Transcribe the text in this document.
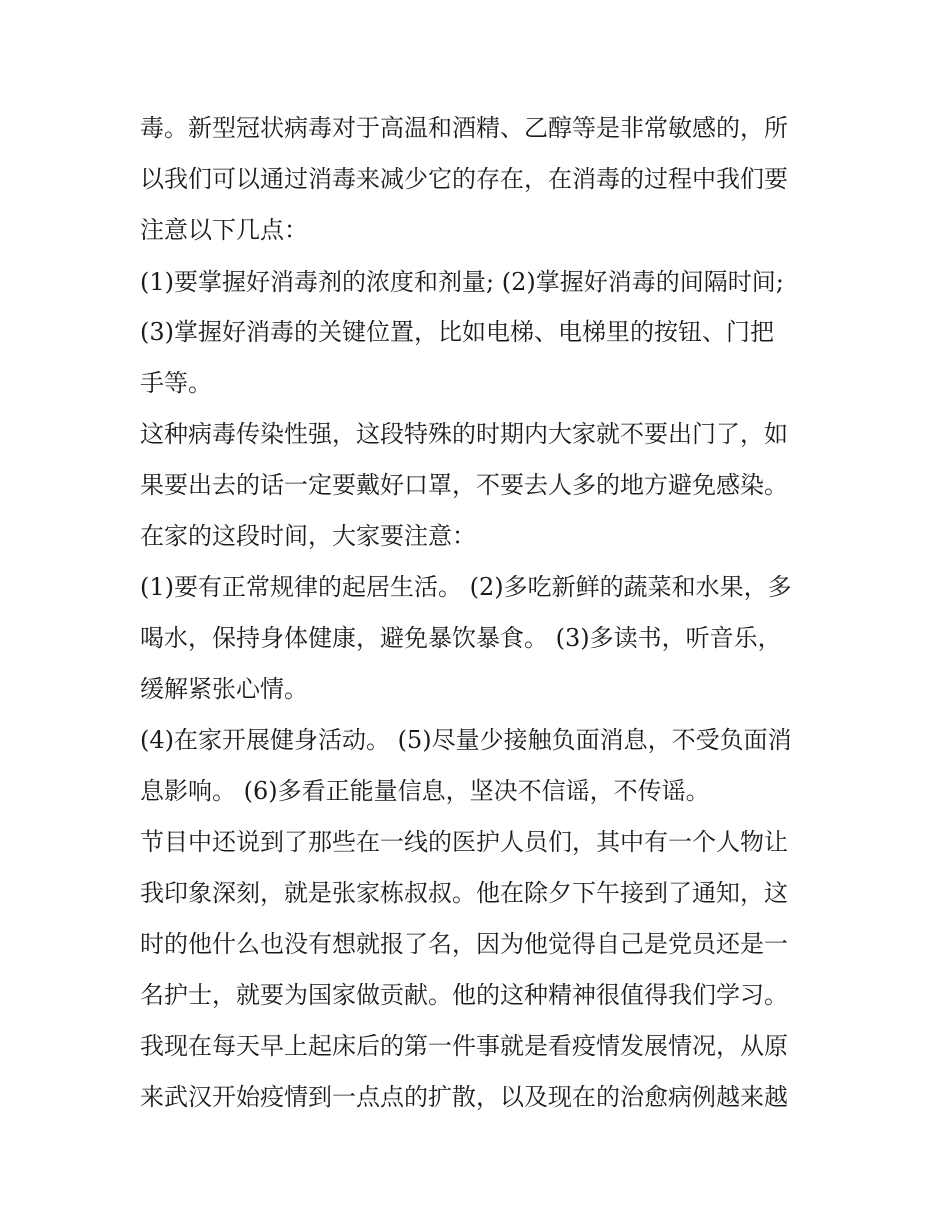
毒。新型冠状病毒对于高温和酒精、乙醇等是非常敏感的，所

以我们可以通过消毒来减少它的存在，在消毒的过程中我们要

注意以下几点：

(1)要掌握好消毒剂的浓度和剂量; (2)掌握好消毒的间隔时间;

(3)掌握好消毒的关键位置，比如电梯、电梯里的按钮、门把

手等。

这种病毒传染性强，这段特殊的时期内大家就不要出门了，如

果要出去的话一定要戴好口罩，不要去人多的地方避免感染。

在家的这段时间，大家要注意：

(1)要有正常规律的起居生活。 (2)多吃新鲜的蔬菜和水果，多

喝水，保持身体健康，避免暴饮暴食。 (3)多读书，听音乐，

缓解紧张心情。

(4)在家开展健身活动。 (5)尽量少接触负面消息，不受负面消

息影响。 (6)多看正能量信息，坚决不信谣，不传谣。

节目中还说到了那些在一线的医护人员们，其中有一个人物让

我印象深刻，就是张家栋叔叔。他在除夕下午接到了通知，这

时的他什么也没有想就报了名，因为他觉得自己是党员还是一

名护士，就要为国家做贡献。他的这种精神很值得我们学习。

我现在每天早上起床后的第一件事就是看疫情发展情况，从原

来武汉开始疫情到一点点的扩散，以及现在的治愈病例越来越
